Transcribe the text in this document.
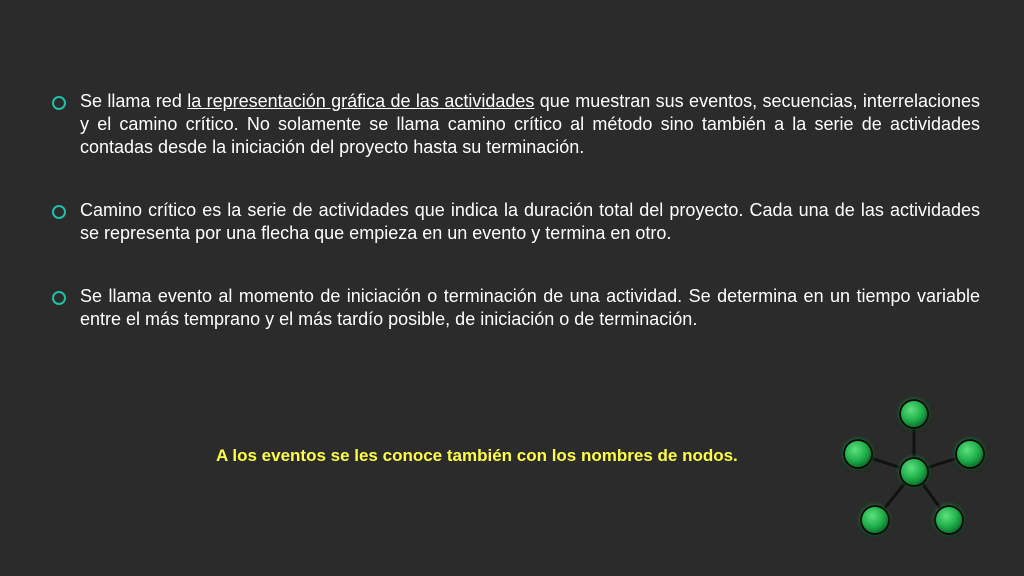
Se llama red la representación gráfica de las actividades que muestran sus eventos, secuencias, interrelaciones y el camino crítico. No solamente se llama camino crítico al método sino también a la serie de actividades contadas desde la iniciación del proyecto hasta su terminación.
Camino crítico es la serie de actividades que indica la duración total del proyecto. Cada una de las actividades se representa por una flecha que empieza en un evento y termina en otro.
Se llama evento al momento de iniciación o terminación de una actividad. Se determina en un tiempo variable entre el más temprano y el más tardío posible, de iniciación o de terminación.
A los eventos se les conoce también con los nombres de nodos.
